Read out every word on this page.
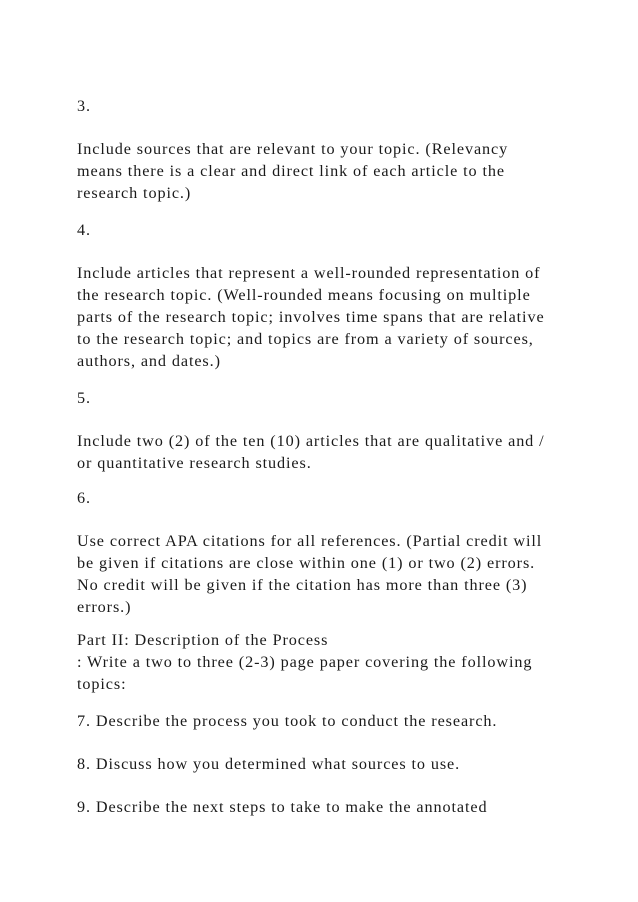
3.

Include sources that are relevant to your topic. (Relevancy
means there is a clear and direct link of each article to the
research topic.)

4.

Include articles that represent a well-rounded representation of
the research topic. (Well-rounded means focusing on multiple
parts of the research topic; involves time spans that are relative
to the research topic; and topics are from a variety of sources,
authors, and dates.)

5.

Include two (2) of the ten (10) articles that are qualitative and /
or quantitative research studies.

6.

Use correct APA citations for all references. (Partial credit will
be given if citations are close within one (1) or two (2) errors.
No credit will be given if the citation has more than three (3)
errors.)
Part II: Description of the Process
: Write a two to three (2-3) page paper covering the following
topics:

7. Describe the process you took to conduct the research.

8. Discuss how you determined what sources to use.

9. Describe the next steps to take to make the annotated
